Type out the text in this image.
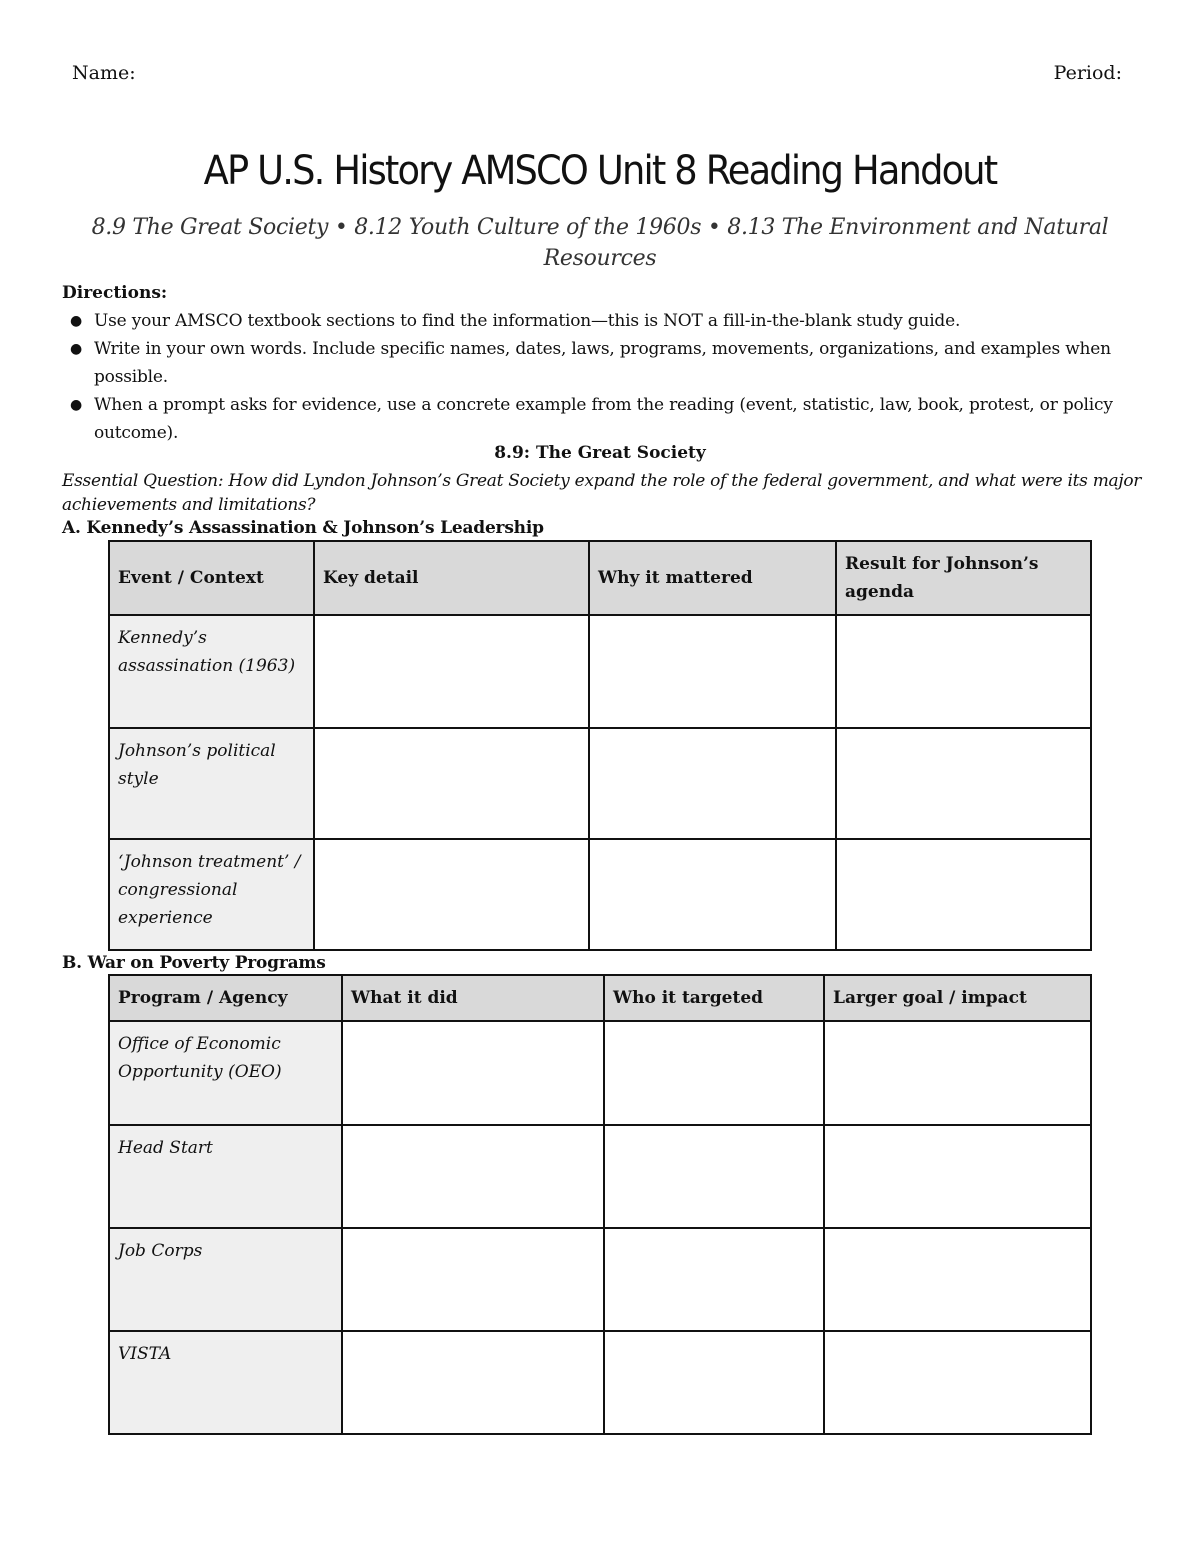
Name:	Period:
AP U.S. History AMSCO Unit 8 Reading Handout
8.9 The Great Society • 8.12 Youth Culture of the 1960s • 8.13 The Environment and Natural Resources
Directions:
● Use your AMSCO textbook sections to find the information—this is NOT a fill-in-the-blank study guide.
● Write in your own words. Include specific names, dates, laws, programs, movements, organizations, and examples when possible.
● When a prompt asks for evidence, use a concrete example from the reading (event, statistic, law, book, protest, or policy outcome).
8.9: The Great Society
Essential Question: How did Lyndon Johnson’s Great Society expand the role of the federal government, and what were its major achievements and limitations?
A. Kennedy’s Assassination & Johnson’s Leadership
Event / Context	Key detail	Why it mattered	Result for Johnson’s agenda
Kennedy’s assassination (1963)			
Johnson’s political style			
‘Johnson treatment’ / congressional experience			
B. War on Poverty Programs
Program / Agency	What it did	Who it targeted	Larger goal / impact
Office of Economic Opportunity (OEO)			
Head Start			
Job Corps			
VISTA			
